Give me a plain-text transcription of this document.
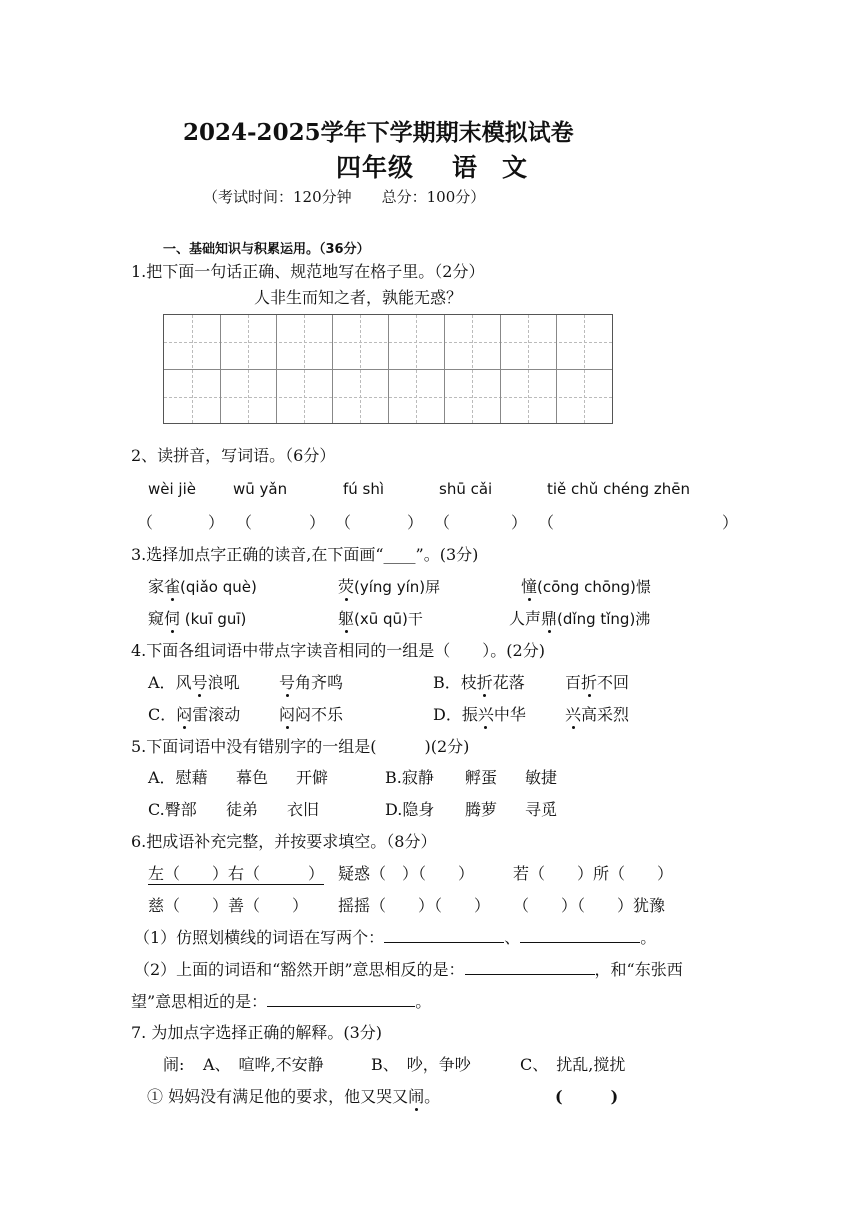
2024-2025学年下学期期末模拟试卷
四年级 语 文
（考试时间：120分钟　　总分：100分）
一、基础知识与积累运用。（36分）
1.把下面一句话正确、规范地写在格子里。（2分）
人非生而知之者，孰能无惑？
2、读拼音，写词语。（6分）
wèi jiè wū yǎn	fú shì	shū cǎi	tiě chǔ chéng zhēn
（	） （	） （	） （	） （	）
3.选择加点字正确的读音,在下面画“____”。(3分)
家雀(qiǎo què)	荧(yíng yín)屏	憧(cōng chōng)憬
窥伺 (kuī guī)	躯(xū qū)干	人声鼎(dǐng tǐng)沸
4.下面各组词语中带点字读音相同的一组是（　　）。(2分)
A．风号浪吼 号角齐鸣	B．枝折花落	百折不回
C．闷雷滚动 闷闷不乐	D．振兴中华 兴高采烈
5.下面词语中没有错别字的一组是(　　　)(2分)
A．慰藉 幕色 开僻	B.寂静 孵蛋 敏捷
C.臀部 徒弟 衣旧	D.隐身 腾萝 寻觅
6.把成语补充完整，并按要求填空。（8分）
左（　　）右（　　　） 疑惑（　）（　　） 若（　　）所（　　）
慈（　　）善（　　） 摇摇（　　）（　　） （　　）（　　）犹豫
（1）仿照划横线的词语在写两个：	、	。
（2）上面的词语和“豁然开朗”意思相反的是：	，和“东张西
望”意思相近的是：	。
7. 为加点字选择正确的解释。(3分)
闹: A、　喧哗,不安静	B、　吵，争吵	C、　扰乱,搅扰
① 妈妈没有满足他的要求，他又哭又闹。	(　　　)
